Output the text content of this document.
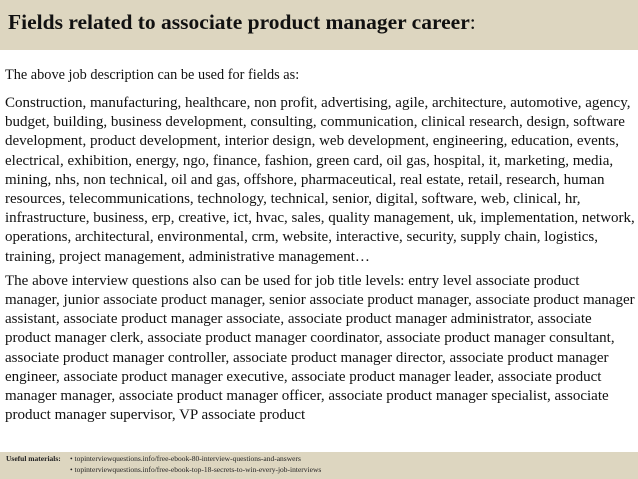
Fields related to associate product manager career:

The above job description can be used for fields as:

Construction, manufacturing, healthcare, non profit, advertising, agile, architecture, automotive, agency, budget, building, business development, consulting, communication, clinical research, design, software development, product development, interior design, web development, engineering, education, events, electrical, exhibition, energy, ngo, finance, fashion, green card, oil gas, hospital, it, marketing, media, mining, nhs, non technical, oil and gas, offshore, pharmaceutical, real estate, retail, research, human resources, telecommunications, technology, technical, senior, digital, software, web, clinical, hr, infrastructure, business, erp, creative, ict, hvac, sales, quality management, uk, implementation, network, operations, architectural, environmental, crm, website, interactive, security, supply chain, logistics, training, project management, administrative management…

The above interview questions also can be used for job title levels: entry level associate product manager, junior associate product manager, senior associate product manager, associate product manager assistant, associate product manager associate, associate product manager administrator, associate product manager clerk, associate product manager coordinator, associate product manager consultant, associate product manager controller, associate product manager director, associate product manager engineer, associate product manager executive, associate product manager leader, associate product manager manager, associate product manager officer, associate product manager specialist, associate product manager supervisor, VP associate product

Useful materials: • topinterviewquestions.info/free-ebook-80-interview-questions-and-answers
• topinterviewquestions.info/free-ebook-top-18-secrets-to-win-every-job-interviews
